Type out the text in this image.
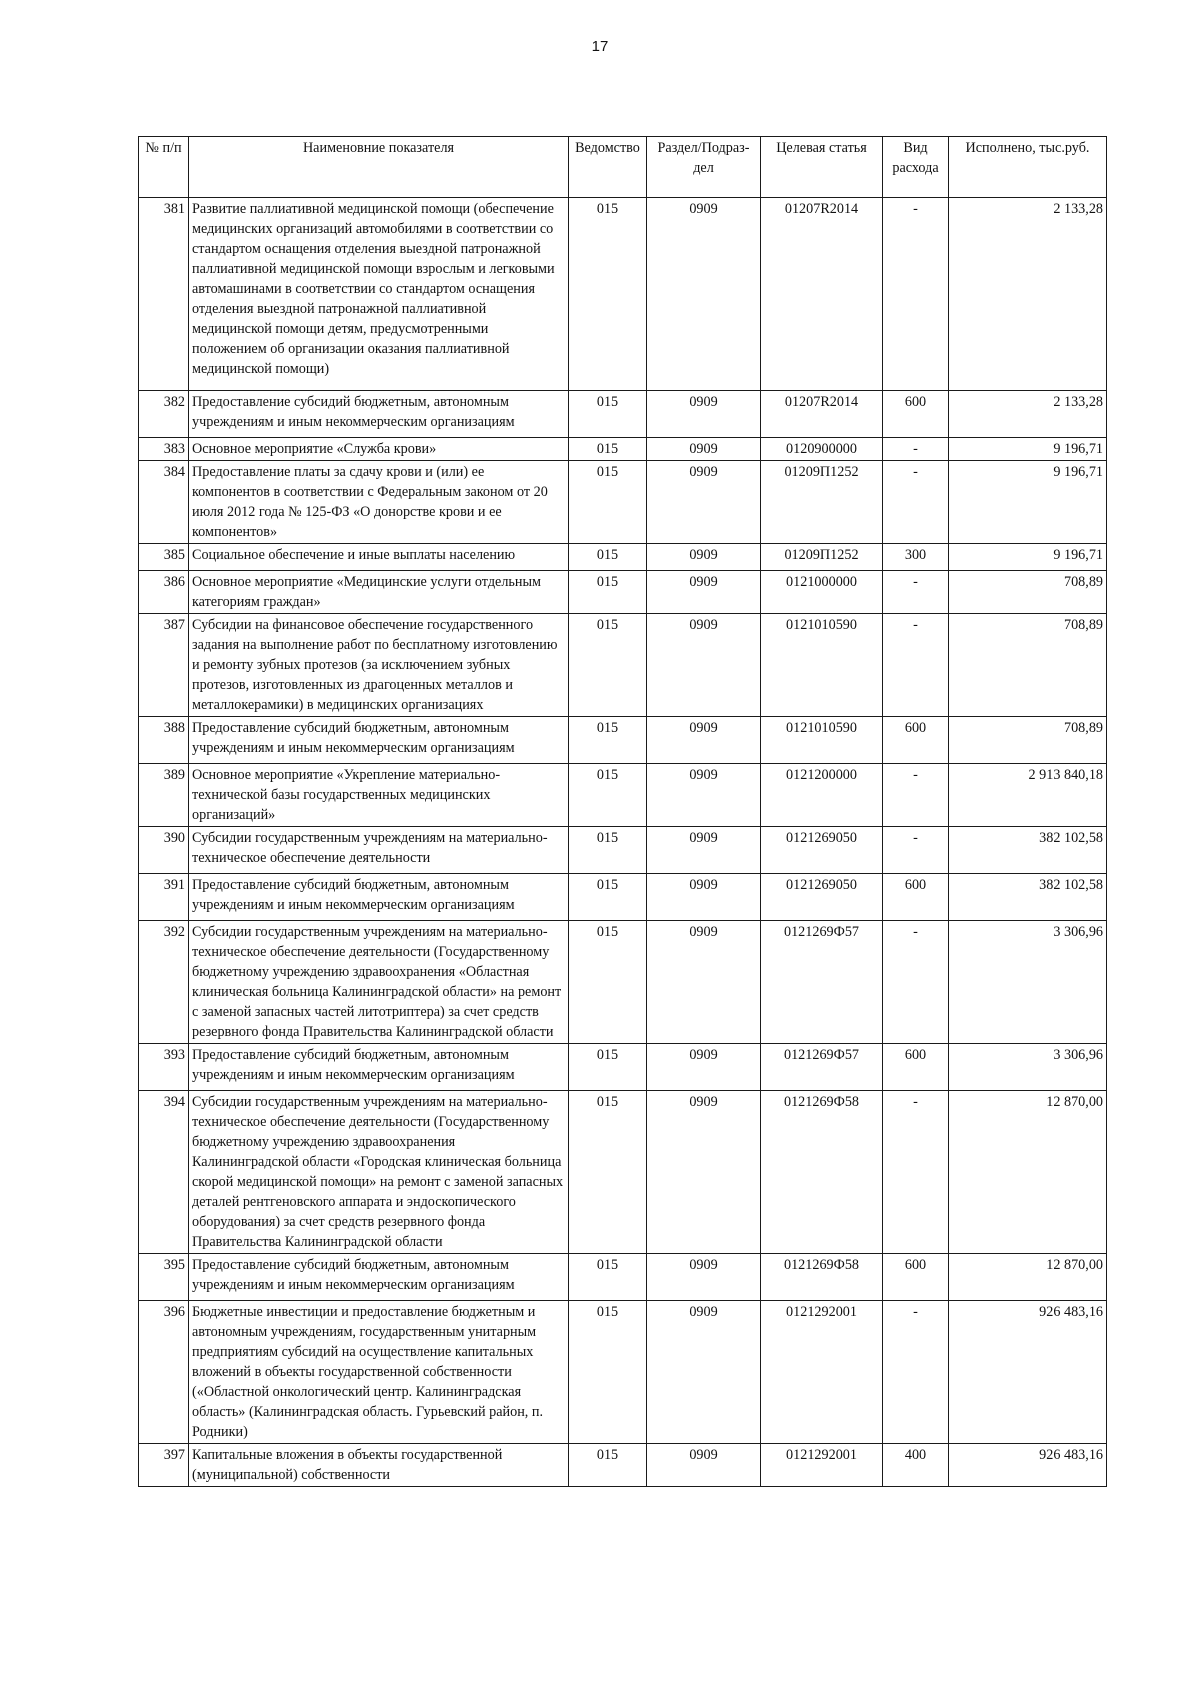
17
№ п/п	Наименовние показателя	Ведомство	Раздел/Подраз-дел	Целевая статья	Вид расхода	Исполнено, тыс.руб.
381	Развитие паллиативной медицинской помощи (обеспечение медицинских организаций автомобилями в соответствии со стандартом оснащения отделения выездной патронажной паллиативной медицинской помощи взрослым и легковыми автомашинами в соответствии со стандартом оснащения отделения выездной патронажной паллиативной медицинской помощи детям, предусмотренными положением об организации оказания паллиативной медицинской помощи)	015	0909	01207R2014	-	2 133,28
382	Предоставление субсидий бюджетным, автономным учреждениям и иным некоммерческим организациям	015	0909	01207R2014	600	2 133,28
383	Основное мероприятие «Служба крови»	015	0909	0120900000	-	9 196,71
384	Предоставление платы за сдачу крови и (или) ее компонентов в соответствии с Федеральным законом от 20 июля 2012 года № 125-ФЗ «О донорстве крови и ее компонентов»	015	0909	01209П1252	-	9 196,71
385	Социальное обеспечение и иные выплаты населению	015	0909	01209П1252	300	9 196,71
386	Основное мероприятие «Медицинские услуги отдельным категориям граждан»	015	0909	0121000000	-	708,89
387	Субсидии на финансовое обеспечение государственного задания на выполнение работ по бесплатному изготовлению и ремонту зубных протезов (за исключением зубных протезов, изготовленных из драгоценных металлов и металлокерамики) в медицинских организациях	015	0909	0121010590	-	708,89
388	Предоставление субсидий бюджетным, автономным учреждениям и иным некоммерческим организациям	015	0909	0121010590	600	708,89
389	Основное мероприятие «Укрепление материально-технической базы государственных медицинских организаций»	015	0909	0121200000	-	2 913 840,18
390	Субсидии государственным учреждениям на материально-техническое обеспечение деятельности	015	0909	0121269050	-	382 102,58
391	Предоставление субсидий бюджетным, автономным учреждениям и иным некоммерческим организациям	015	0909	0121269050	600	382 102,58
392	Субсидии государственным учреждениям на материально-техническое обеспечение деятельности (Государственному бюджетному учреждению здравоохранения «Областная клиническая больница Калининградской области» на ремонт с заменой запасных частей литотриптера) за счет средств резервного фонда Правительства Калининградской области	015	0909	0121269Ф57	-	3 306,96
393	Предоставление субсидий бюджетным, автономным учреждениям и иным некоммерческим организациям	015	0909	0121269Ф57	600	3 306,96
394	Субсидии государственным учреждениям на материально-техническое обеспечение деятельности (Государственному бюджетному учреждению здравоохранения Калининградской области «Городская клиническая больница скорой медицинской помощи» на ремонт с заменой запасных деталей рентгеновского аппарата и эндоскопического оборудования) за счет средств резервного фонда Правительства Калининградской области	015	0909	0121269Ф58	-	12 870,00
395	Предоставление субсидий бюджетным, автономным учреждениям и иным некоммерческим организациям	015	0909	0121269Ф58	600	12 870,00
396	Бюджетные инвестиции и предоставление бюджетным и автономным учреждениям, государственным унитарным предприятиям субсидий на осуществление капитальных вложений в объекты государственной собственности («Областной онкологический центр. Калининградская область» (Калининградская область. Гурьевский район, п. Родники)	015	0909	0121292001	-	926 483,16
397	Капитальные вложения в объекты государственной (муниципальной) собственности	015	0909	0121292001	400	926 483,16
